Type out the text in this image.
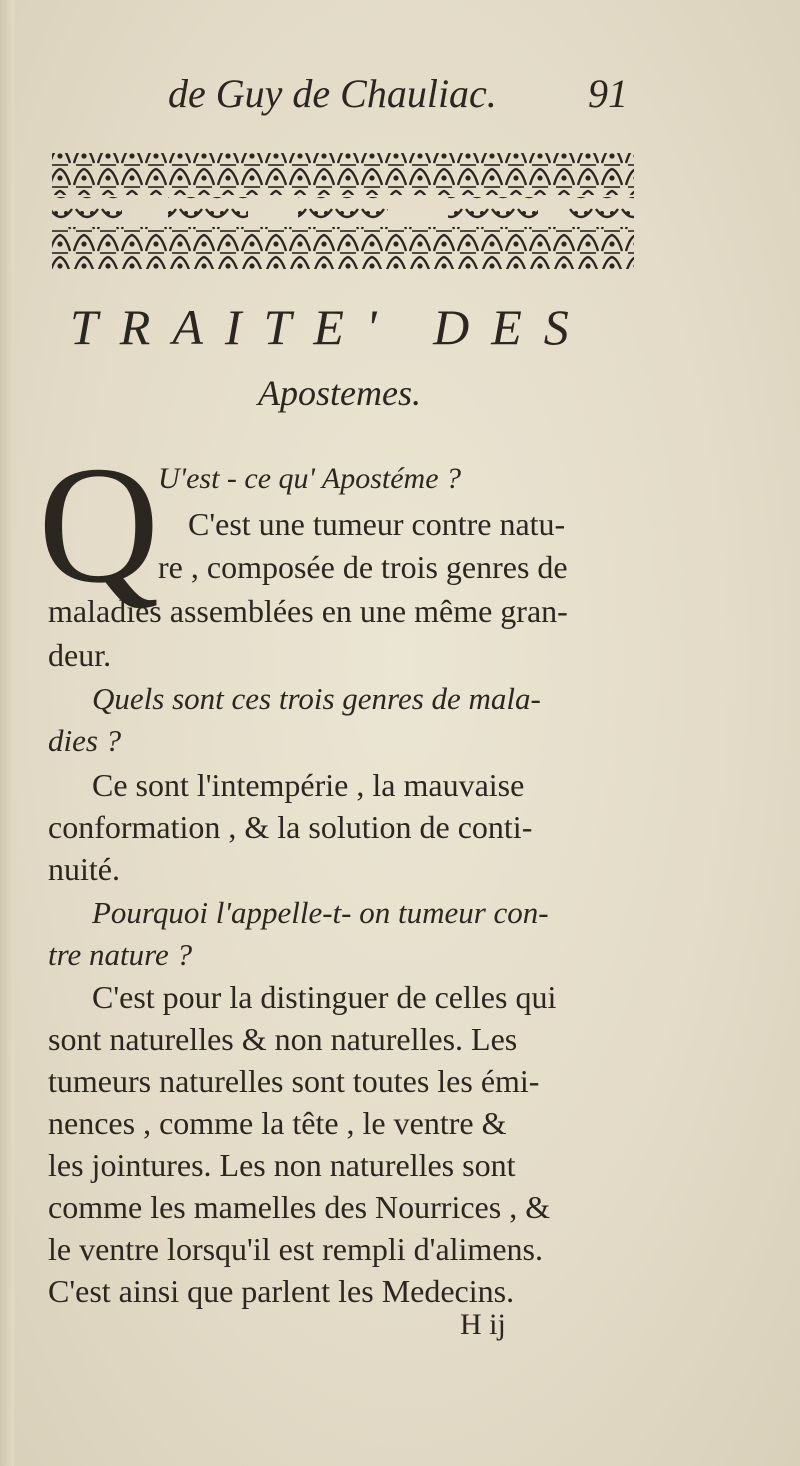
de Guy de Chauliac. 91
TRAITE' DES
Apostemes.
Q
U'est - ce qu' Apostéme ?
C'est une tumeur contre natu-
re , composée de trois genres de
maladies assemblées en une même gran-
deur.
Quels sont ces trois genres de mala-
dies ?
Ce sont l'intempérie , la mauvaise
conformation , & la solution de conti-
nuité.
Pourquoi l'appelle-t- on tumeur con-
tre nature ?
C'est pour la distinguer de celles qui
sont naturelles & non naturelles. Les
tumeurs naturelles sont toutes les émi-
nences , comme la tête , le ventre &
les jointures. Les non naturelles sont
comme les mamelles des Nourrices , &
le ventre lorsqu'il est rempli d'alimens.
C'est ainsi que parlent les Medecins.
H ij
